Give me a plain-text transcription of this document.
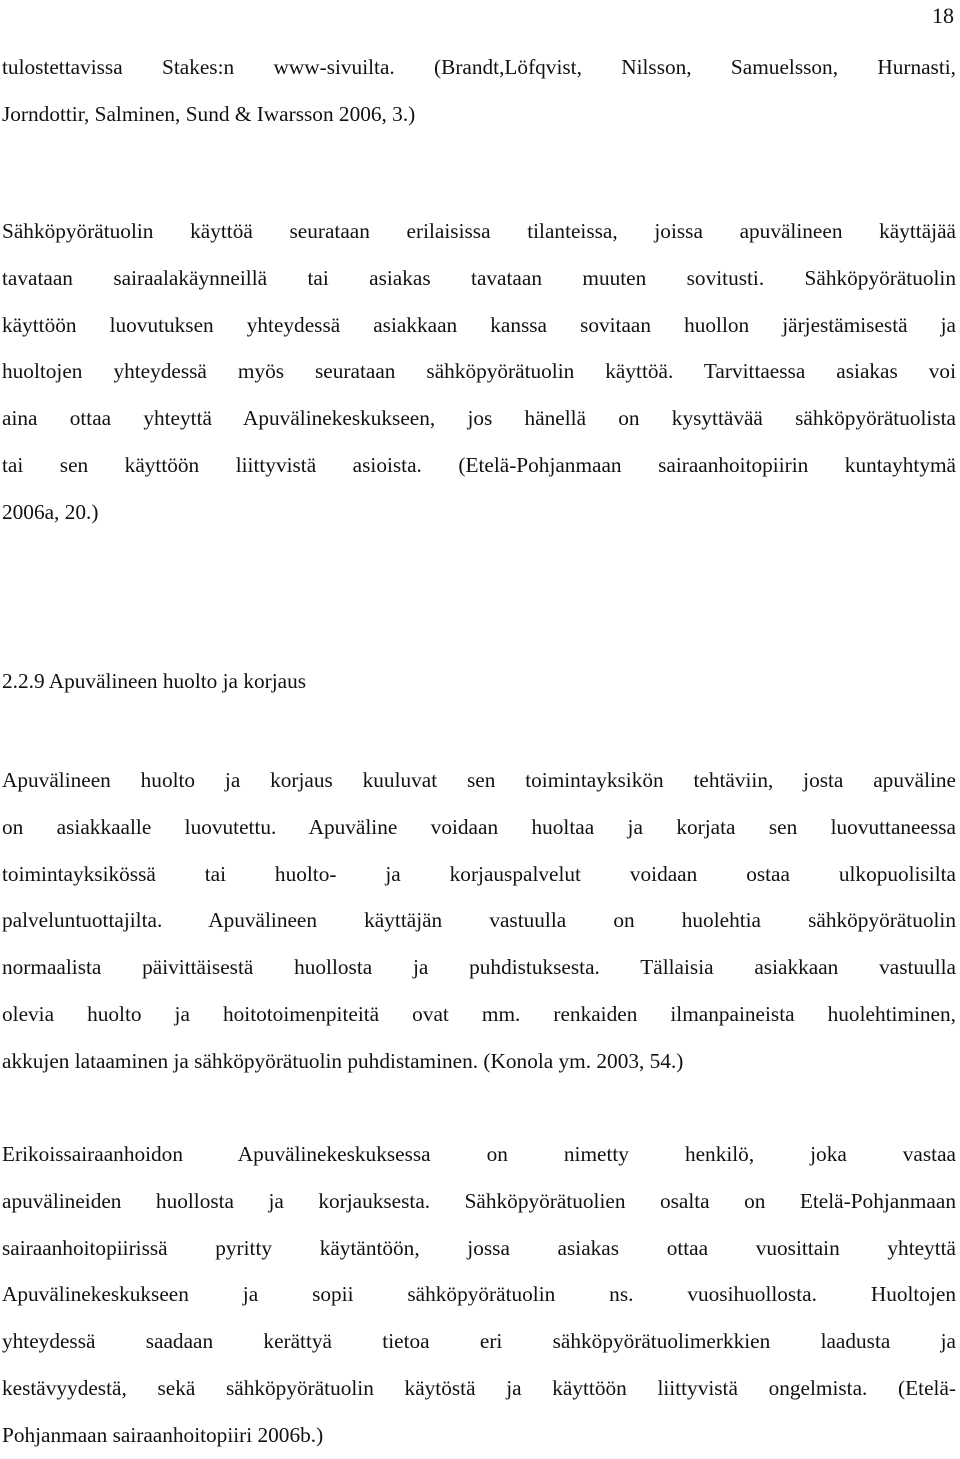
18
tulostettavissa Stakes:n www-sivuilta. (Brandt,Löfqvist, Nilsson, Samuelsson, Hurnasti,
Jorndottir, Salminen, Sund & Iwarsson 2006, 3.)
Sähköpyörätuolin käyttöä seurataan erilaisissa tilanteissa, joissa apuvälineen käyttäjää
tavataan sairaalakäynneillä tai asiakas tavataan muuten sovitusti. Sähköpyörätuolin
käyttöön luovutuksen yhteydessä asiakkaan kanssa sovitaan huollon järjestämisestä ja
huoltojen yhteydessä myös seurataan sähköpyörätuolin käyttöä. Tarvittaessa asiakas voi
aina ottaa yhteyttä Apuvälinekeskukseen, jos hänellä on kysyttävää sähköpyörätuolista
tai sen käyttöön liittyvistä asioista. (Etelä-Pohjanmaan sairaanhoitopiirin kuntayhtymä
2006a, 20.)
2.2.9 Apuvälineen huolto ja korjaus
Apuvälineen huolto ja korjaus kuuluvat sen toimintayksikön tehtäviin, josta apuväline
on asiakkaalle luovutettu. Apuväline voidaan huoltaa ja korjata sen luovuttaneessa
toimintayksikössä tai huolto- ja korjauspalvelut voidaan ostaa ulkopuolisilta
palveluntuottajilta. Apuvälineen käyttäjän vastuulla on huolehtia sähköpyörätuolin
normaalista päivittäisestä huollosta ja puhdistuksesta. Tällaisia asiakkaan vastuulla
olevia huolto ja hoitotoimenpiteitä ovat mm. renkaiden ilmanpaineista huolehtiminen,
akkujen lataaminen ja sähköpyörätuolin puhdistaminen. (Konola ym. 2003, 54.)
Erikoissairaanhoidon Apuvälinekeskuksessa on nimetty henkilö, joka vastaa
apuvälineiden huollosta ja korjauksesta. Sähköpyörätuolien osalta on Etelä-Pohjanmaan
sairaanhoitopiirissä pyritty käytäntöön, jossa asiakas ottaa vuosittain yhteyttä
Apuvälinekeskukseen ja sopii sähköpyörätuolin ns. vuosihuollosta. Huoltojen
yhteydessä saadaan kerättyä tietoa eri sähköpyörätuolimerkkien laadusta ja
kestävyydestä, sekä sähköpyörätuolin käytöstä ja käyttöön liittyvistä ongelmista. (Etelä-
Pohjanmaan sairaanhoitopiiri 2006b.)
